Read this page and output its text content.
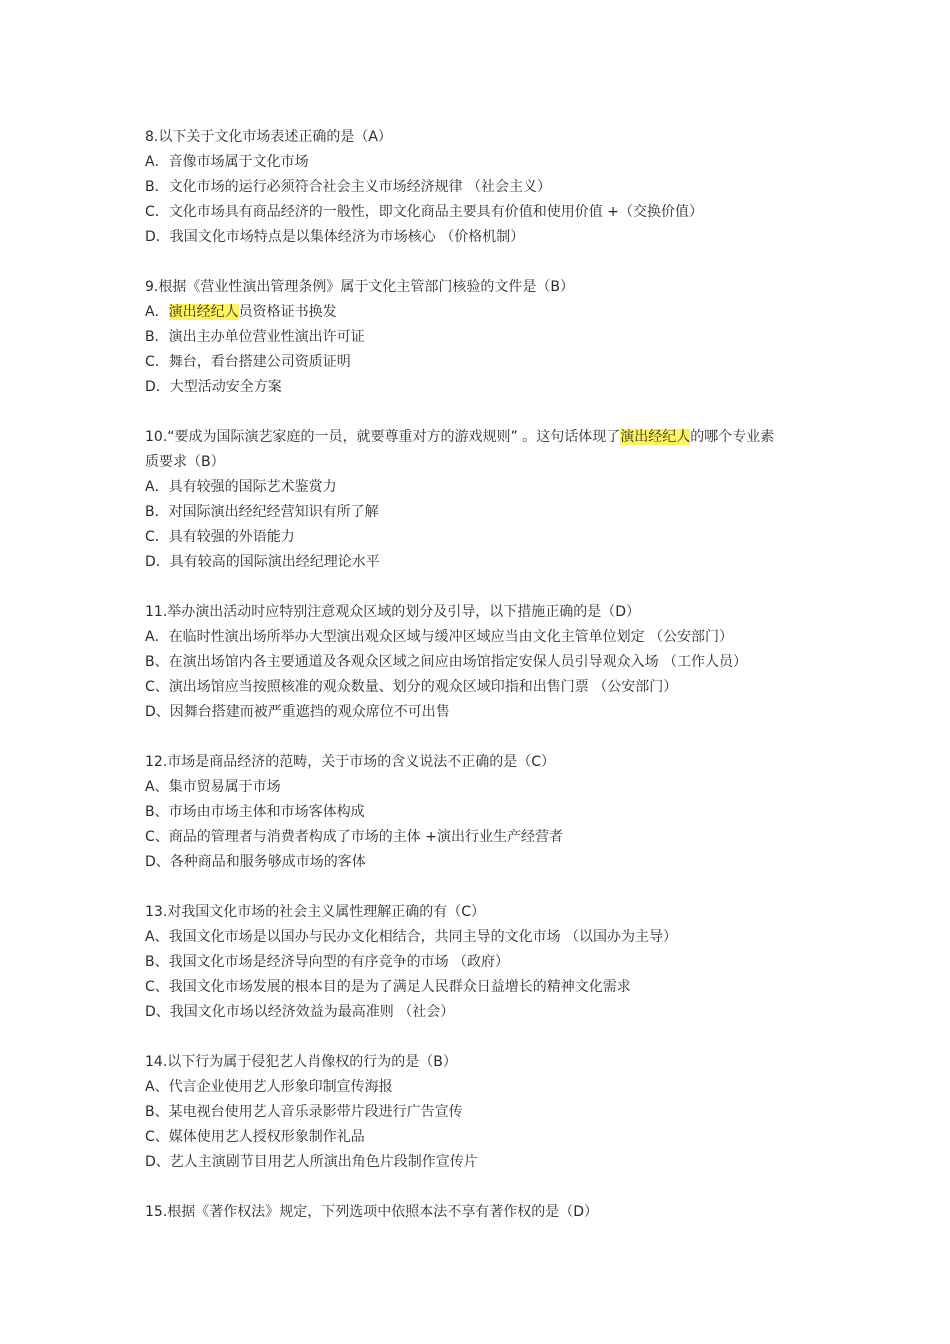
8.以下关于文化市场表述正确的是（A）
A．音像市场属于文化市场
B．文化市场的运行必须符合社会主义市场经济规律 （社会主义）
C．文化市场具有商品经济的一般性，即文化商品主要具有价值和使用价值 +（交换价值）
D．我国文化市场特点是以集体经济为市场核心 （价格机制）
9.根据《营业性演出管理条例》属于文化主管部门核验的文件是（B）
A．演出经纪人员资格证书换发
B．演出主办单位营业性演出许可证
C．舞台，看台搭建公司资质证明
D．大型活动安全方案
10.“要成为国际演艺家庭的一员，就要尊重对方的游戏规则” 。这句话体现了演出经纪人的哪个专业素
质要求（B）
A．具有较强的国际艺术鉴赏力
B．对国际演出经纪经营知识有所了解
C．具有较强的外语能力
D．具有较高的国际演出经纪理论水平
11.举办演出活动时应特别注意观众区域的划分及引导，以下措施正确的是（D）
A．在临时性演出场所举办大型演出观众区域与缓冲区域应当由文化主管单位划定 （公安部门）
B、在演出场馆内各主要通道及各观众区域之间应由场馆指定安保人员引导观众入场 （工作人员）
C、演出场馆应当按照核准的观众数量、划分的观众区域印指和出售门票 （公安部门）
D、因舞台搭建而被严重遮挡的观众席位不可出售
12.市场是商品经济的范畴，关于市场的含义说法不正确的是（C）
A、集市贸易属于市场
B、市场由市场主体和市场客体构成
C、商品的管理者与消费者构成了市场的主体 +演出行业生产经营者
D、各种商品和服务够成市场的客体
13.对我国文化市场的社会主义属性理解正确的有（C）
A、我国文化市场是以国办与民办文化相结合，共同主导的文化市场 （以国办为主导）
B、我国文化市场是经济导向型的有序竞争的市场 （政府）
C、我国文化市场发展的根本目的是为了满足人民群众日益增长的精神文化需求
D、我国文化市场以经济效益为最高准则 （社会）
14.以下行为属于侵犯艺人肖像权的行为的是（B）
A、代言企业使用艺人形象印制宣传海报
B、某电视台使用艺人音乐录影带片段进行广告宣传
C、媒体使用艺人授权形象制作礼品
D、艺人主演剧节目用艺人所演出角色片段制作宣传片
15.根据《著作权法》规定，下列选项中依照本法不享有著作权的是（D）
